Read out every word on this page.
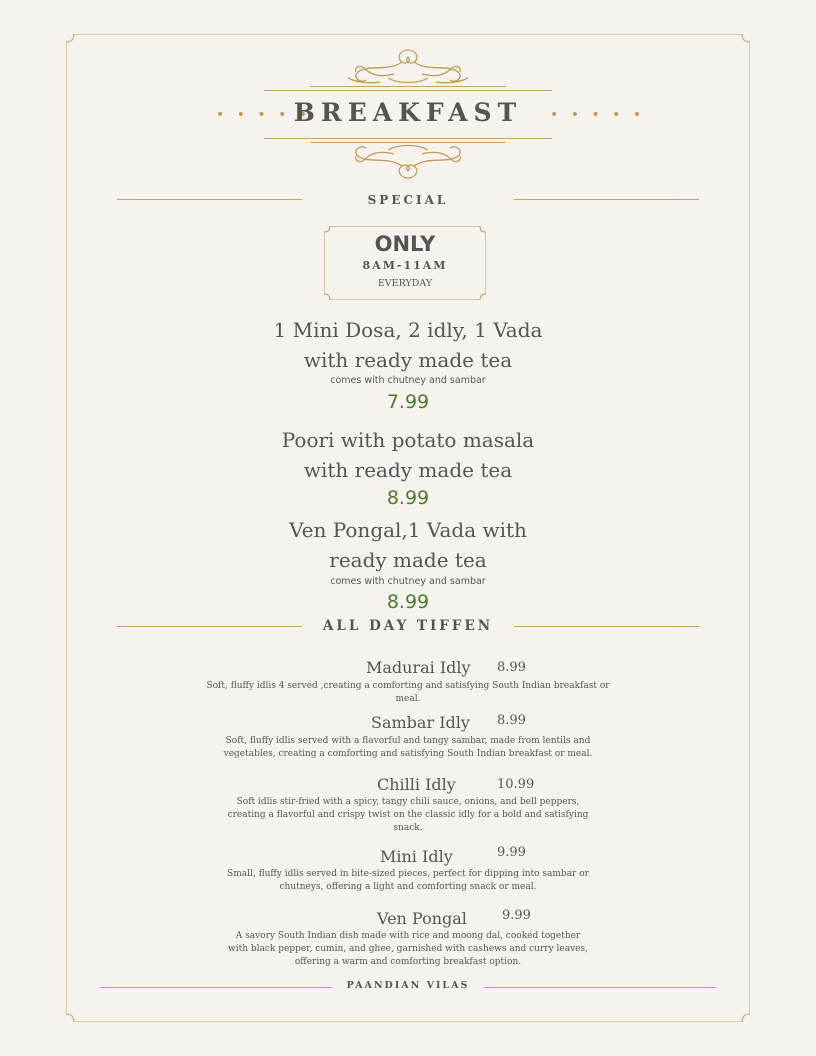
• • • • •
BREAKFAST	• • • • •
SPECIAL
ONLY
8AM-11AM
EVERYDAY
1 Mini Dosa, 2 idly, 1 Vada
with ready made tea
comes with chutney and sambar
7.99
Poori with potato masala
with ready made tea
8.99
Ven Pongal,1 Vada with
ready made tea
comes with chutney and sambar
8.99
ALL DAY TIFFEN
Madurai Idly 8.99
Soft, fluffy idlis 4 served ,creating a comforting and satisfying South Indian breakfast or
meal.
Sambar Idly 8.99
Soft, fluffy idlis served with a flavorful and tangy sambar, made from lentils and
vegetables, creating a comforting and satisfying South Indian breakfast or meal.
Chilli Idly	10.99
Soft idlis stir-fried with a spicy, tangy chili sauce, onions, and bell peppers,
creating a flavorful and crispy twist on the classic idly for a bold and satisfying
snack.
Mini Idly	9.99
Small, fluffy idlis served in bite-sized pieces, perfect for dipping into sambar or
chutneys, offering a light and comforting snack or meal.
Ven Pongal	9.99
A savory South Indian dish made with rice and moong dal, cooked together
with black pepper, cumin, and ghee, garnished with cashews and curry leaves,
offering a warm and comforting breakfast option.
PAANDIAN VILAS
